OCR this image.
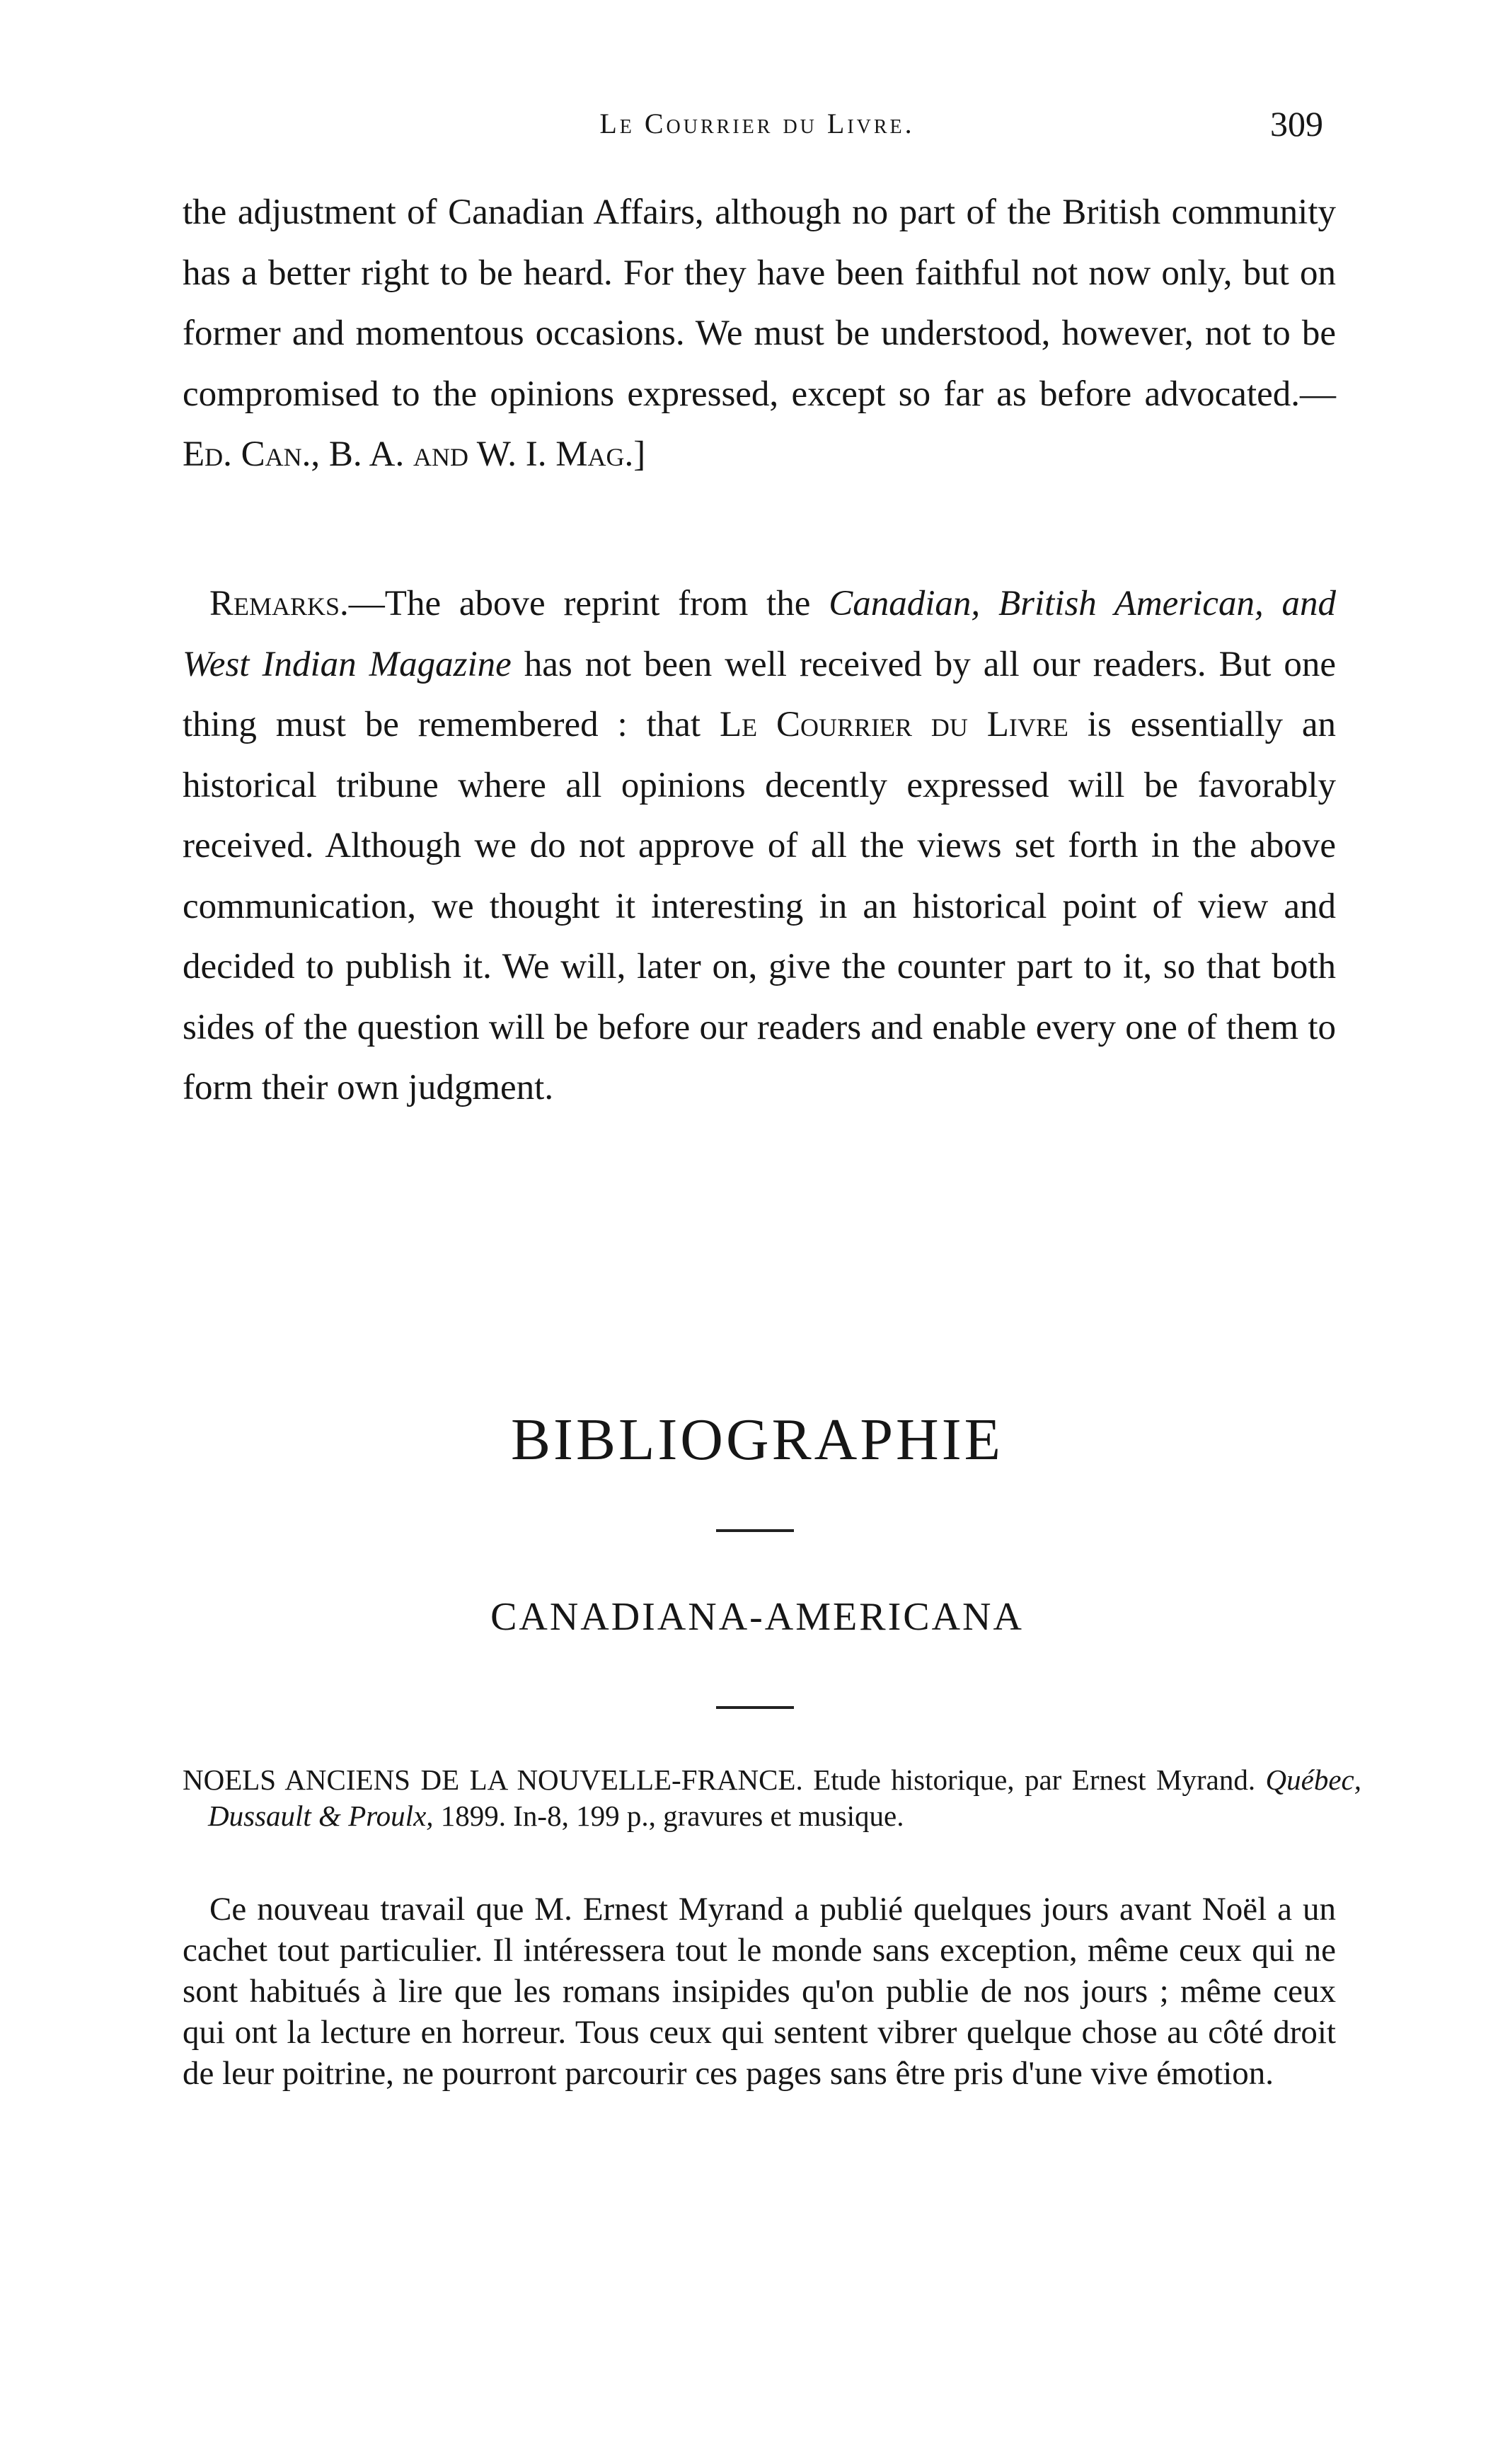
Le Courrier du Livre.	309

the adjustment of Canadian Affairs, although no part of the British community has a better right to be heard. For they have been faithful not now only, but on former and momentous occasions. We must be understood, however, not to be compromised to the opinions expressed, except so far as before advocated.—Ed. Can., B. A. and W. I. Mag.]

Remarks.—The above reprint from the Canadian, British American, and West Indian Magazine has not been well received by all our readers. But one thing must be remembered : that Le Courrier du Livre is essentially an historical tribune where all opinions decently expressed will be favorably received. Although we do not approve of all the views set forth in the above communication, we thought it interesting in an historical point of view and decided to publish it. We will, later on, give the counter part to it, so that both sides of the question will be before our readers and enable every one of them to form their own judgment.

BIBLIOGRAPHIE
CANADIANA-AMERICANA

NOELS ANCIENS DE LA NOUVELLE-FRANCE. Etude historique, par Ernest Myrand. Québec, Dussault & Proulx, 1899. In-8, 199 p., gravures et musique.

Ce nouveau travail que M. Ernest Myrand a publié quelques jours avant Noël a un cachet tout particulier. Il intéressera tout le monde sans exception, même ceux qui ne sont habitués à lire que les romans insipides qu'on publie de nos jours ; même ceux qui ont la lecture en horreur. Tous ceux qui sentent vibrer quelque chose au côté droit de leur poitrine, ne pourront parcourir ces pages sans être pris d'une vive émotion.
